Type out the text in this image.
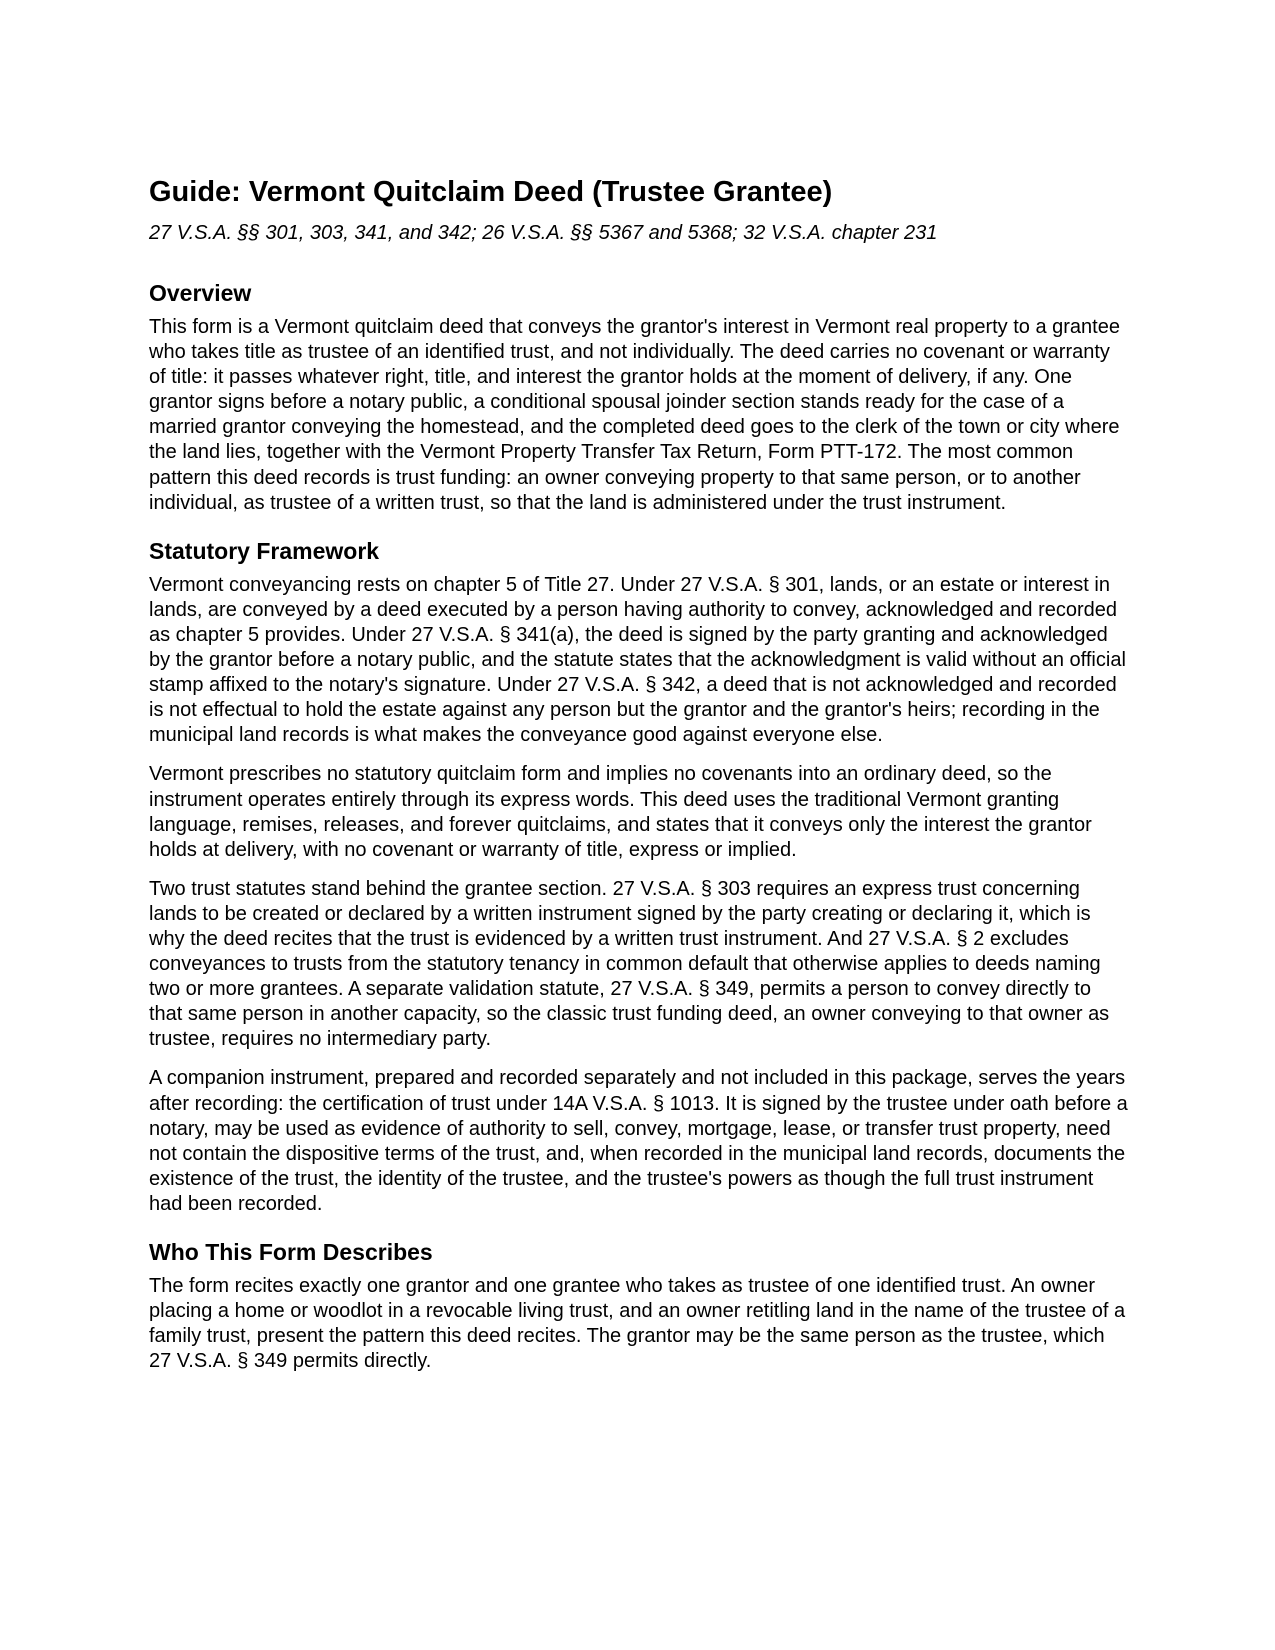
Guide: Vermont Quitclaim Deed (Trustee Grantee)
27 V.S.A. §§ 301, 303, 341, and 342; 26 V.S.A. §§ 5367 and 5368; 32 V.S.A. chapter 231
Overview

This form is a Vermont quitclaim deed that conveys the grantor's interest in Vermont real property to a grantee who takes title as trustee of an identified trust, and not individually. The deed carries no covenant or warranty of title: it passes whatever right, title, and interest the grantor holds at the moment of delivery, if any. One grantor signs before a notary public, a conditional spousal joinder section stands ready for the case of a married grantor conveying the homestead, and the completed deed goes to the clerk of the town or city where the land lies, together with the Vermont Property Transfer Tax Return, Form PTT-172. The most common pattern this deed records is trust funding: an owner conveying property to that same person, or to another individual, as trustee of a written trust, so that the land is administered under the trust instrument.

Statutory Framework

Vermont conveyancing rests on chapter 5 of Title 27. Under 27 V.S.A. § 301, lands, or an estate or interest in lands, are conveyed by a deed executed by a person having authority to convey, acknowledged and recorded as chapter 5 provides. Under 27 V.S.A. § 341(a), the deed is signed by the party granting and acknowledged by the grantor before a notary public, and the statute states that the acknowledgment is valid without an official stamp affixed to the notary's signature. Under 27 V.S.A. § 342, a deed that is not acknowledged and recorded is not effectual to hold the estate against any person but the grantor and the grantor's heirs; recording in the municipal land records is what makes the conveyance good against everyone else.

Vermont prescribes no statutory quitclaim form and implies no covenants into an ordinary deed, so the instrument operates entirely through its express words. This deed uses the traditional Vermont granting language, remises, releases, and forever quitclaims, and states that it conveys only the interest the grantor holds at delivery, with no covenant or warranty of title, express or implied.

Two trust statutes stand behind the grantee section. 27 V.S.A. § 303 requires an express trust concerning lands to be created or declared by a written instrument signed by the party creating or declaring it, which is why the deed recites that the trust is evidenced by a written trust instrument. And 27 V.S.A. § 2 excludes conveyances to trusts from the statutory tenancy in common default that otherwise applies to deeds naming two or more grantees. A separate validation statute, 27 V.S.A. § 349, permits a person to convey directly to that same person in another capacity, so the classic trust funding deed, an owner conveying to that owner as trustee, requires no intermediary party.

A companion instrument, prepared and recorded separately and not included in this package, serves the years after recording: the certification of trust under 14A V.S.A. § 1013. It is signed by the trustee under oath before a notary, may be used as evidence of authority to sell, convey, mortgage, lease, or transfer trust property, need not contain the dispositive terms of the trust, and, when recorded in the municipal land records, documents the existence of the trust, the identity of the trustee, and the trustee's powers as though the full trust instrument had been recorded.

Who This Form Describes

The form recites exactly one grantor and one grantee who takes as trustee of one identified trust. An owner placing a home or woodlot in a revocable living trust, and an owner retitling land in the name of the trustee of a family trust, present the pattern this deed recites. The grantor may be the same person as the trustee, which 27 V.S.A. § 349 permits directly.
